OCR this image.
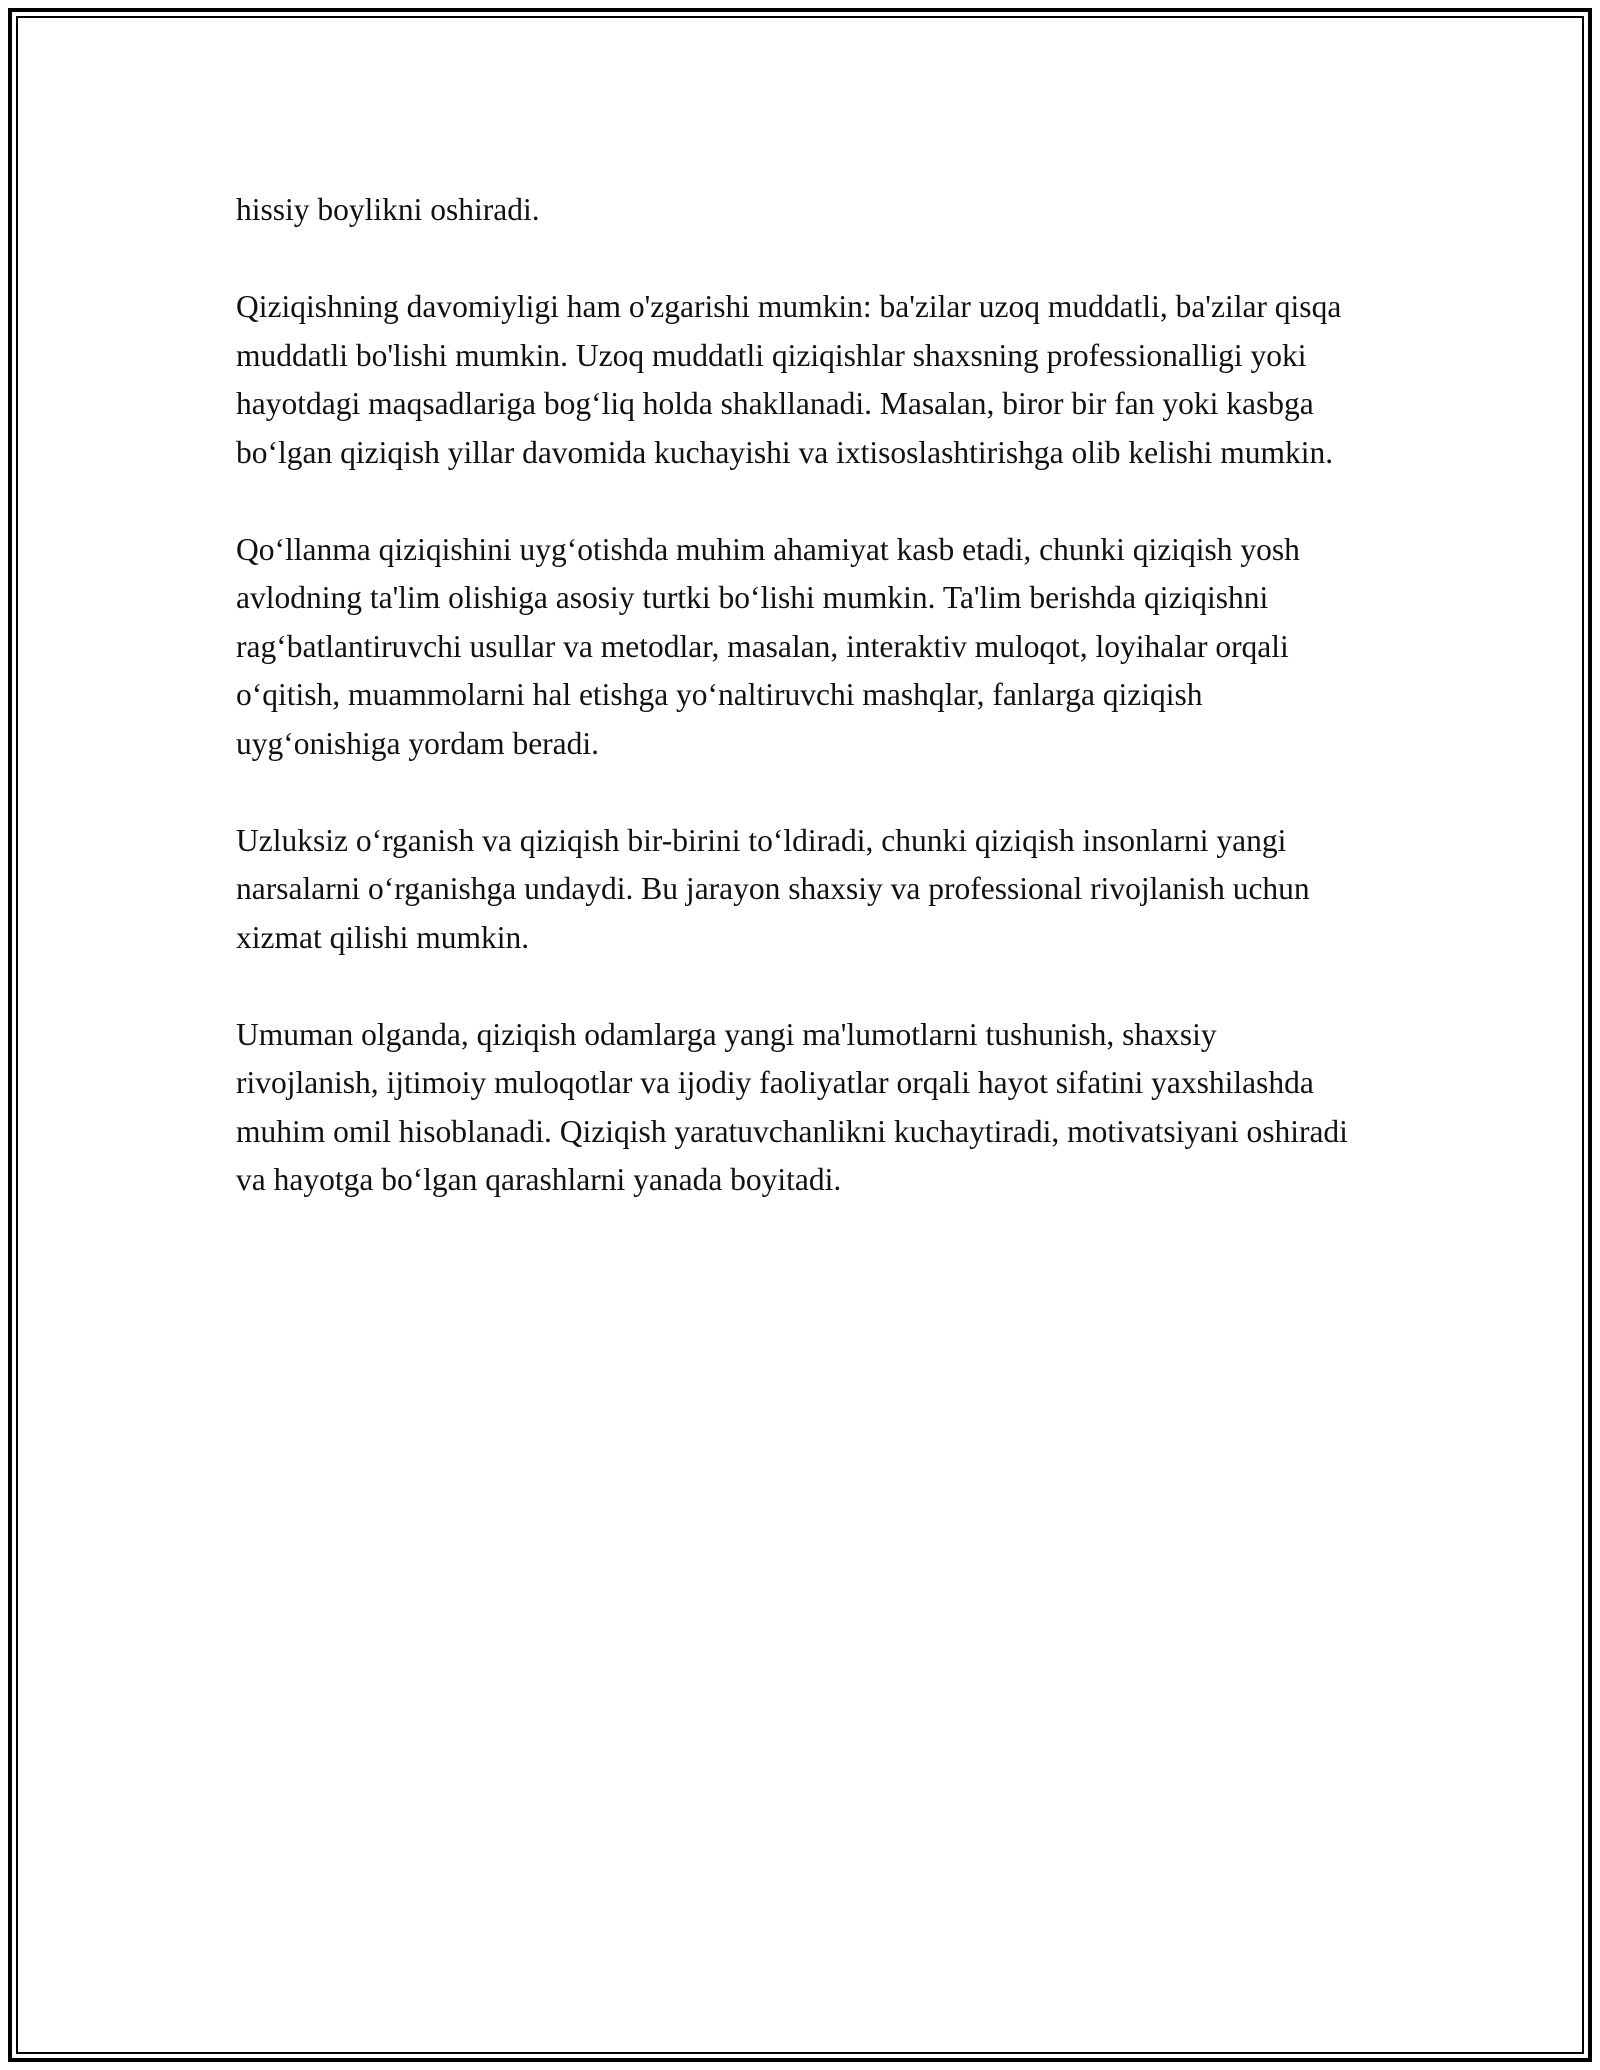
hissiy boylikni oshiradi.

Qiziqishning davomiyligi ham o'zgarishi mumkin: ba'zilar uzoq muddatli, ba'zilar qisqa muddatli bo'lishi mumkin. Uzoq muddatli qiziqishlar shaxsning professionalligi yoki hayotdagi maqsadlariga bog‘liq holda shakllanadi. Masalan, biror bir fan yoki kasbga bo‘lgan qiziqish yillar davomida kuchayishi va ixtisoslashtirishga olib kelishi mumkin.

Qo‘llanma qiziqishini uyg‘otishda muhim ahamiyat kasb etadi, chunki qiziqish yosh avlodning ta'lim olishiga asosiy turtki bo‘lishi mumkin. Ta'lim berishda qiziqishni rag‘batlantiruvchi usullar va metodlar, masalan, interaktiv muloqot, loyihalar orqali o‘qitish, muammolarni hal etishga yo‘naltiruvchi mashqlar, fanlarga qiziqish uyg‘onishiga yordam beradi.

Uzluksiz o‘rganish va qiziqish bir-birini to‘ldiradi, chunki qiziqish insonlarni yangi narsalarni o‘rganishga undaydi. Bu jarayon shaxsiy va professional rivojlanish uchun xizmat qilishi mumkin.

Umuman olganda, qiziqish odamlarga yangi ma'lumotlarni tushunish, shaxsiy rivojlanish, ijtimoiy muloqotlar va ijodiy faoliyatlar orqali hayot sifatini yaxshilashda muhim omil hisoblanadi. Qiziqish yaratuvchanlikni kuchaytiradi, motivatsiyani oshiradi va hayotga bo‘lgan qarashlarni yanada boyitadi.
